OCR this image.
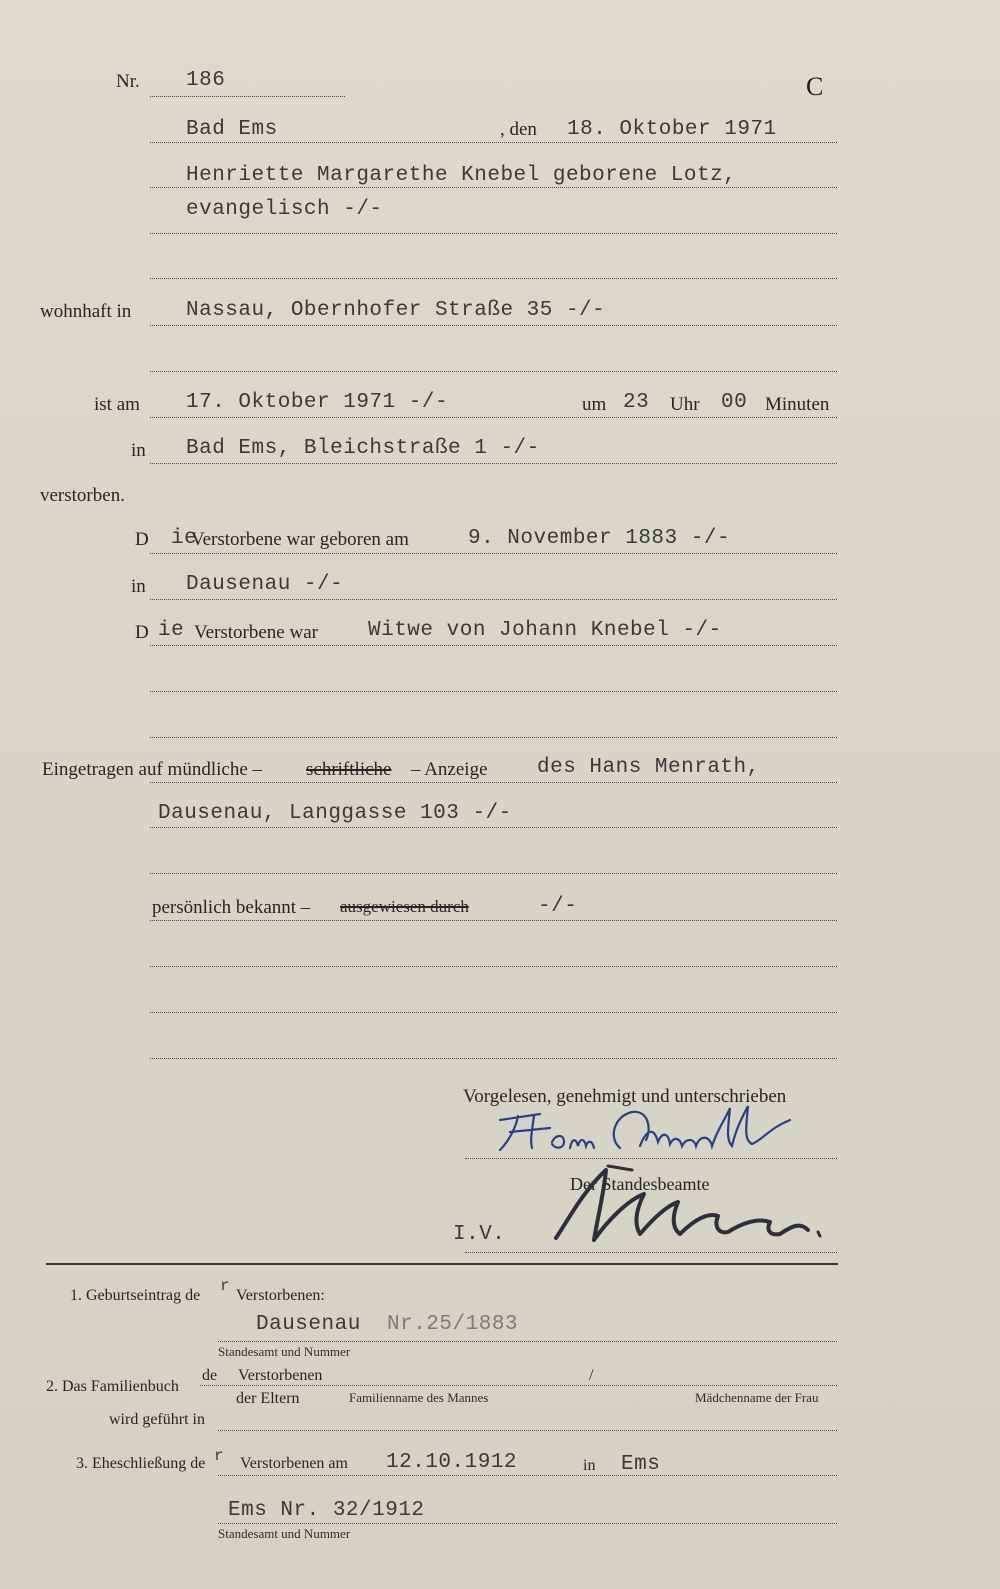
Nr. 186	C
Bad Ems	, den 18. Oktober 1971
Henriette Margarethe Knebel geborene Lotz,
evangelisch -/-
wohnhaft in	Nassau, Obernhofer Straße 35 -/-
ist am 17. Oktober 1971 -/-	um 23 Uhr 00 Minuten
in Bad Ems, Bleichstraße 1 -/-
verstorben.
D ie
Verstorbene war geboren am	9. November 1883 -/-
in Dausenau -/-
D ie Verstorbene war Witwe von Johann Knebel -/-
Eingetragen auf mündliche – schriftliche – Anzeige des Hans Menrath,
Dausenau, Langgasse 103 -/-
persönlich bekannt – ausgewiesen durch	-/-
Vorgelesen, genehmigt und unterschrieben
Der Standesbeamte
I.V.
1. Geburtseintrag de
r
Verstorbenen:
Dausenau Nr.25/1883
Standesamt und Nummer
2. Das Familienbuch
de Verstorbenen	/
der Eltern	Familienname des Mannes	Mädchenname der Frau
wird geführt in
3. Eheschließung de r Verstorbenen am 12.10.1912	in Ems
Ems Nr. 32/1912
Standesamt und Nummer
